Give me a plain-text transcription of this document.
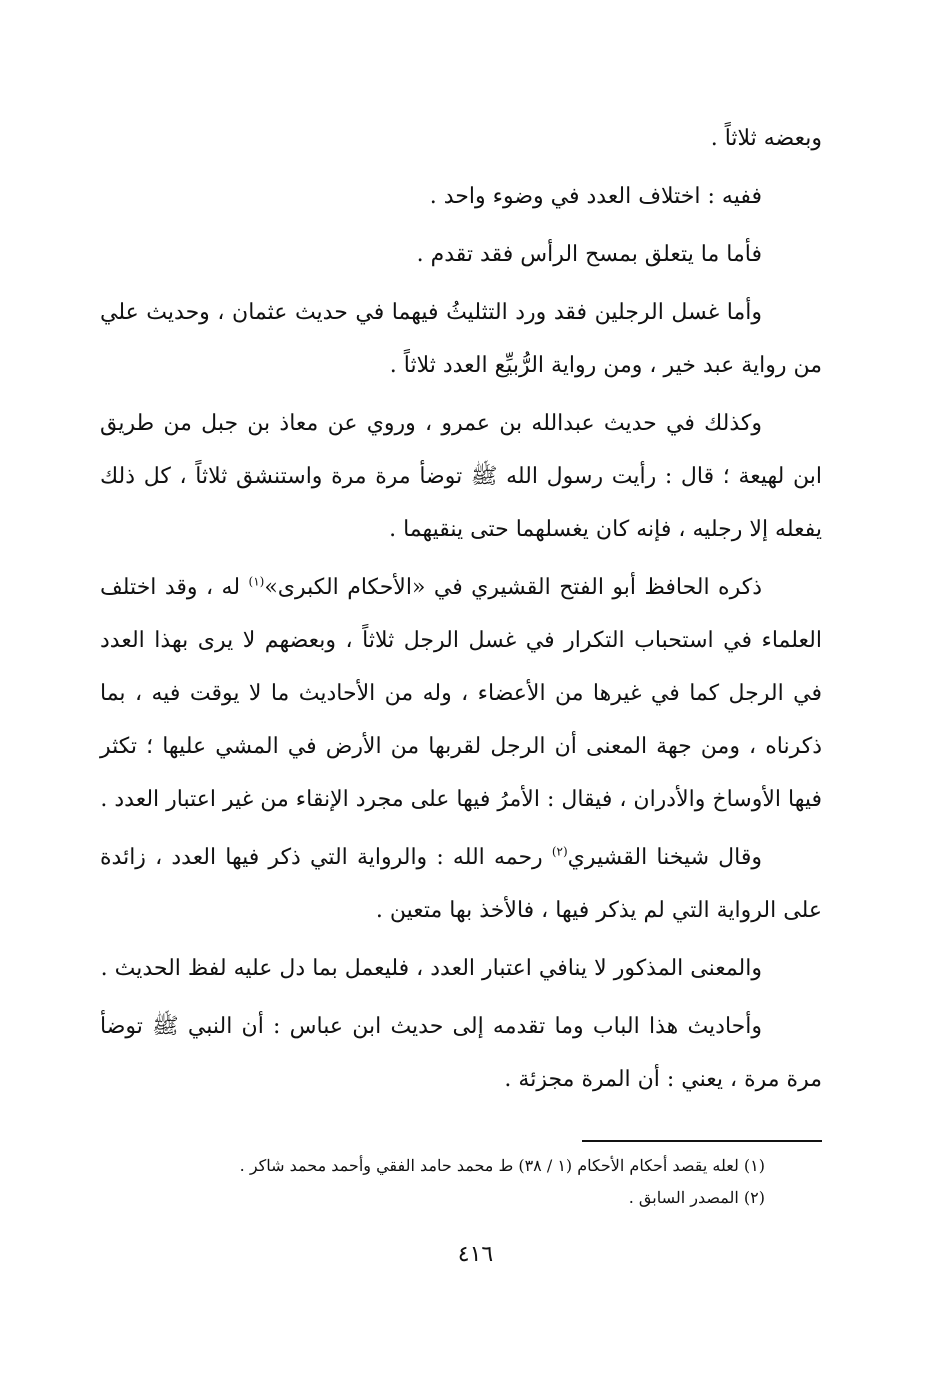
وبعضه ثلاثاً .

ففيه : اختلاف العدد في وضوء واحد .

فأما ما يتعلق بمسح الرأس فقد تقدم .

وأما غسل الرجلين فقد ورد التثليثُ فيهما في حديث عثمان ، وحديث علي من رواية عبد خير ، ومن رواية الرُّبيِّع العدد ثلاثاً .

وكذلك في حديث عبدالله بن عمرو ، وروي عن معاذ بن جبل من طريق ابن لهيعة ؛ قال : رأيت رسول الله ﷺ توضأ مرة مرة واستنشق ثلاثاً ، كل ذلك يفعله إلا رجليه ، فإنه كان يغسلهما حتى ينقيهما .

ذكره الحافظ أبو الفتح القشيري في «الأحكام الكبرى»$^{(١)}$ له ، وقد اختلف العلماء في استحباب التكرار في غسل الرجل ثلاثاً ، وبعضهم لا يرى بهذا العدد في الرجل كما في غيرها من الأعضاء ، وله من الأحاديث ما لا يوقت فيه ، بما ذكرناه ، ومن جهة المعنى أن الرجل لقربها من الأرض في المشي عليها ؛ تكثر فيها الأوساخ والأدران ، فيقال : الأمرُ فيها على مجرد الإنقاء من غير اعتبار العدد .

وقال شيخنا القشيري$^{(٢)}$ رحمه الله : والرواية التي ذكر فيها العدد ، زائدة على الرواية التي لم يذكر فيها ، فالأخذ بها متعين .

والمعنى المذكور لا ينافي اعتبار العدد ، فليعمل بما دل عليه لفظ الحديث .

وأحاديث هذا الباب وما تقدمه إلى حديث ابن عباس : أن النبي ﷺ توضأ مرة مرة ، يعني : أن المرة مجزئة .

(١) لعله يقصد أحكام الأحكام (١ / ٣٨) ط محمد حامد الفقي وأحمد محمد شاكر .

(٢) المصدر السابق .

٤١٦
